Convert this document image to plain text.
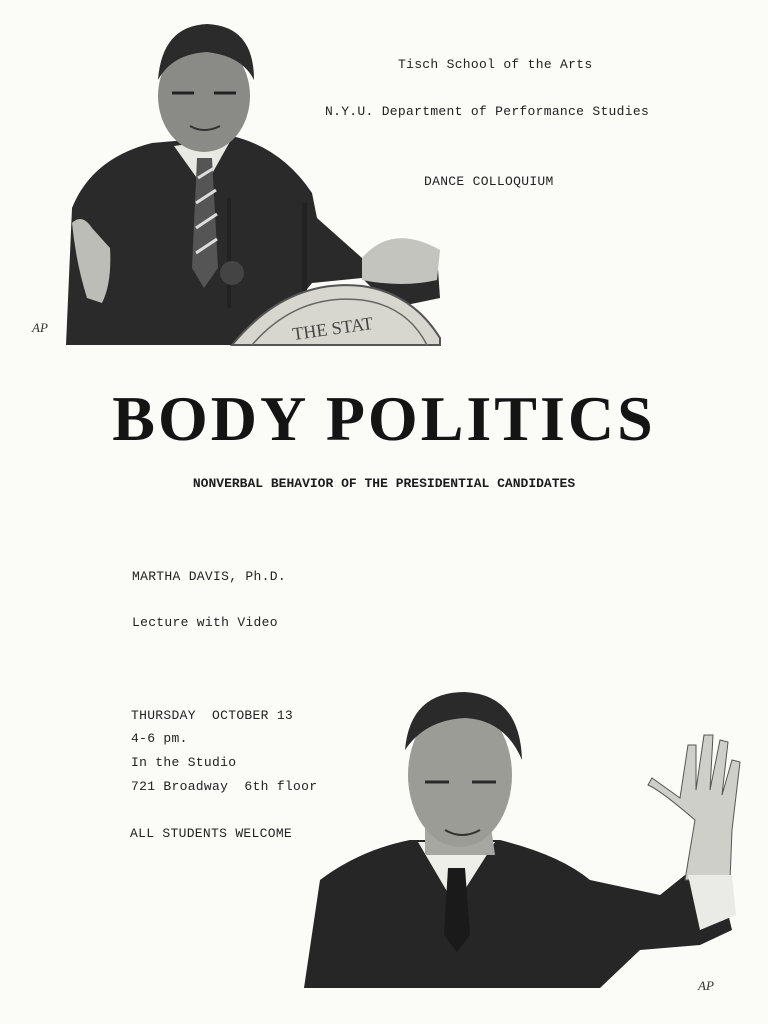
THE STAT
AP
Tisch School of the Arts
N.Y.U. Department of Performance Studies
DANCE COLLOQUIUM
BODY POLITICS
NONVERBAL BEHAVIOR OF THE PRESIDENTIAL CANDIDATES
MARTHA DAVIS, Ph.D.
Lecture with Video
THURSDAY  OCTOBER 13
4-6 pm.
In the Studio
721 Broadway  6th floor
ALL STUDENTS WELCOME
AP
